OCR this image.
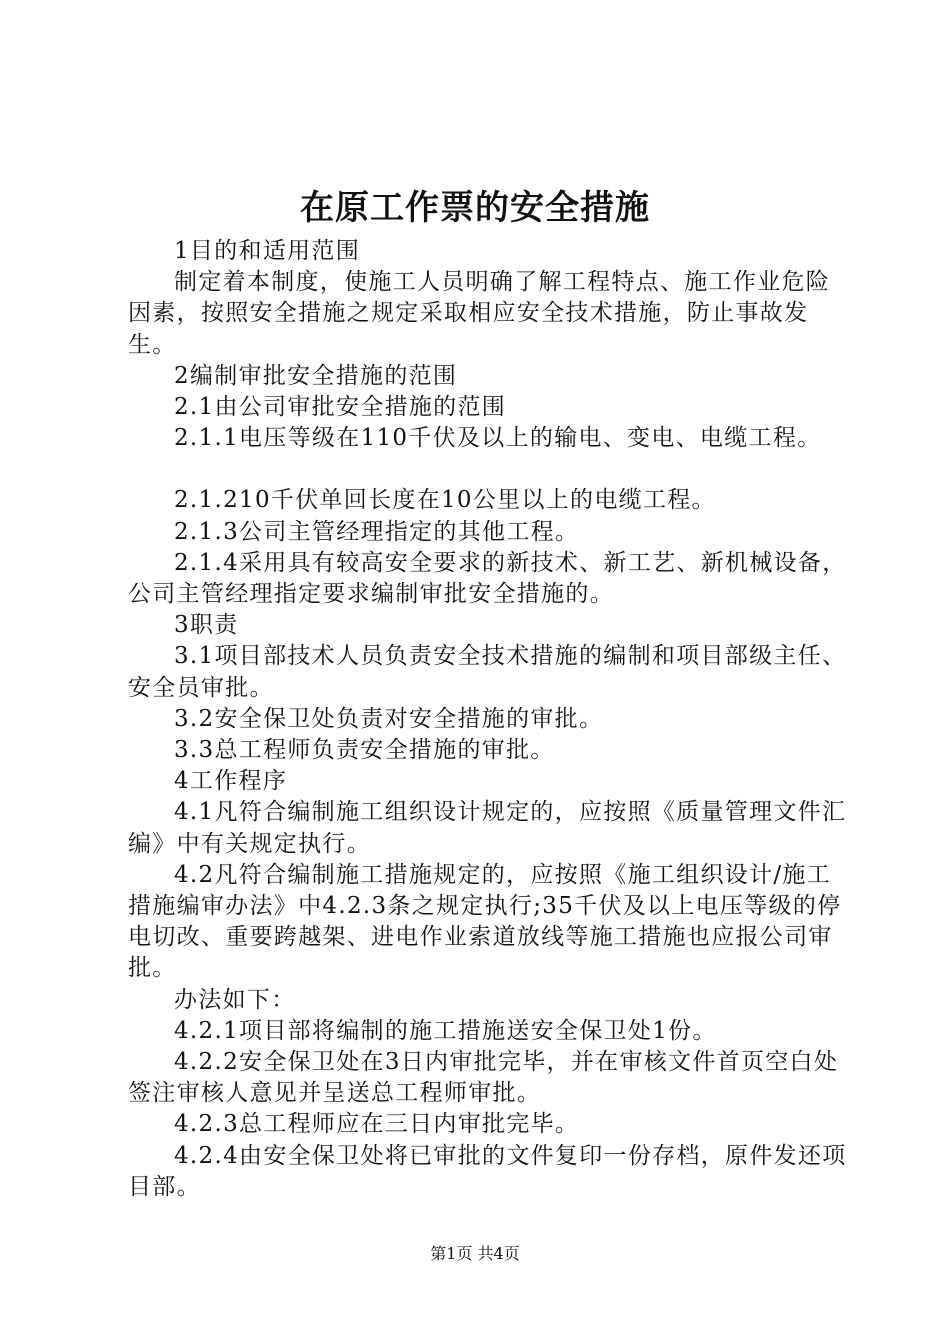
在原工作票的安全措施

1目的和适用范围

制定着本制度，使施工人员明确了解工程特点、施工作业危险因素，按照安全措施之规定采取相应安全技术措施，防止事故发生。

2编制审批安全措施的范围

2.1由公司审批安全措施的范围

2.1.1电压等级在110千伏及以上的输电、变电、电缆工程。

2.1.210千伏单回长度在10公里以上的电缆工程。

2.1.3公司主管经理指定的其他工程。

2.1.4采用具有较高安全要求的新技术、新工艺、新机械设备，公司主管经理指定要求编制审批安全措施的。

3职责

3.1项目部技术人员负责安全技术措施的编制和项目部级主任、安全员审批。

3.2安全保卫处负责对安全措施的审批。

3.3总工程师负责安全措施的审批。

4工作程序

4.1凡符合编制施工组织设计规定的，应按照《质量管理文件汇编》中有关规定执行。

4.2凡符合编制施工措施规定的，应按照《施工组织设计/施工措施编审办法》中4.2.3条之规定执行;35千伏及以上电压等级的停电切改、重要跨越架、进电作业索道放线等施工措施也应报公司审批。

办法如下：

4.2.1项目部将编制的施工措施送安全保卫处1份。

4.2.2安全保卫处在3日内审批完毕，并在审核文件首页空白处签注审核人意见并呈送总工程师审批。

4.2.3总工程师应在三日内审批完毕。

4.2.4由安全保卫处将已审批的文件复印一份存档，原件发还项目部。

第1页 共4页
